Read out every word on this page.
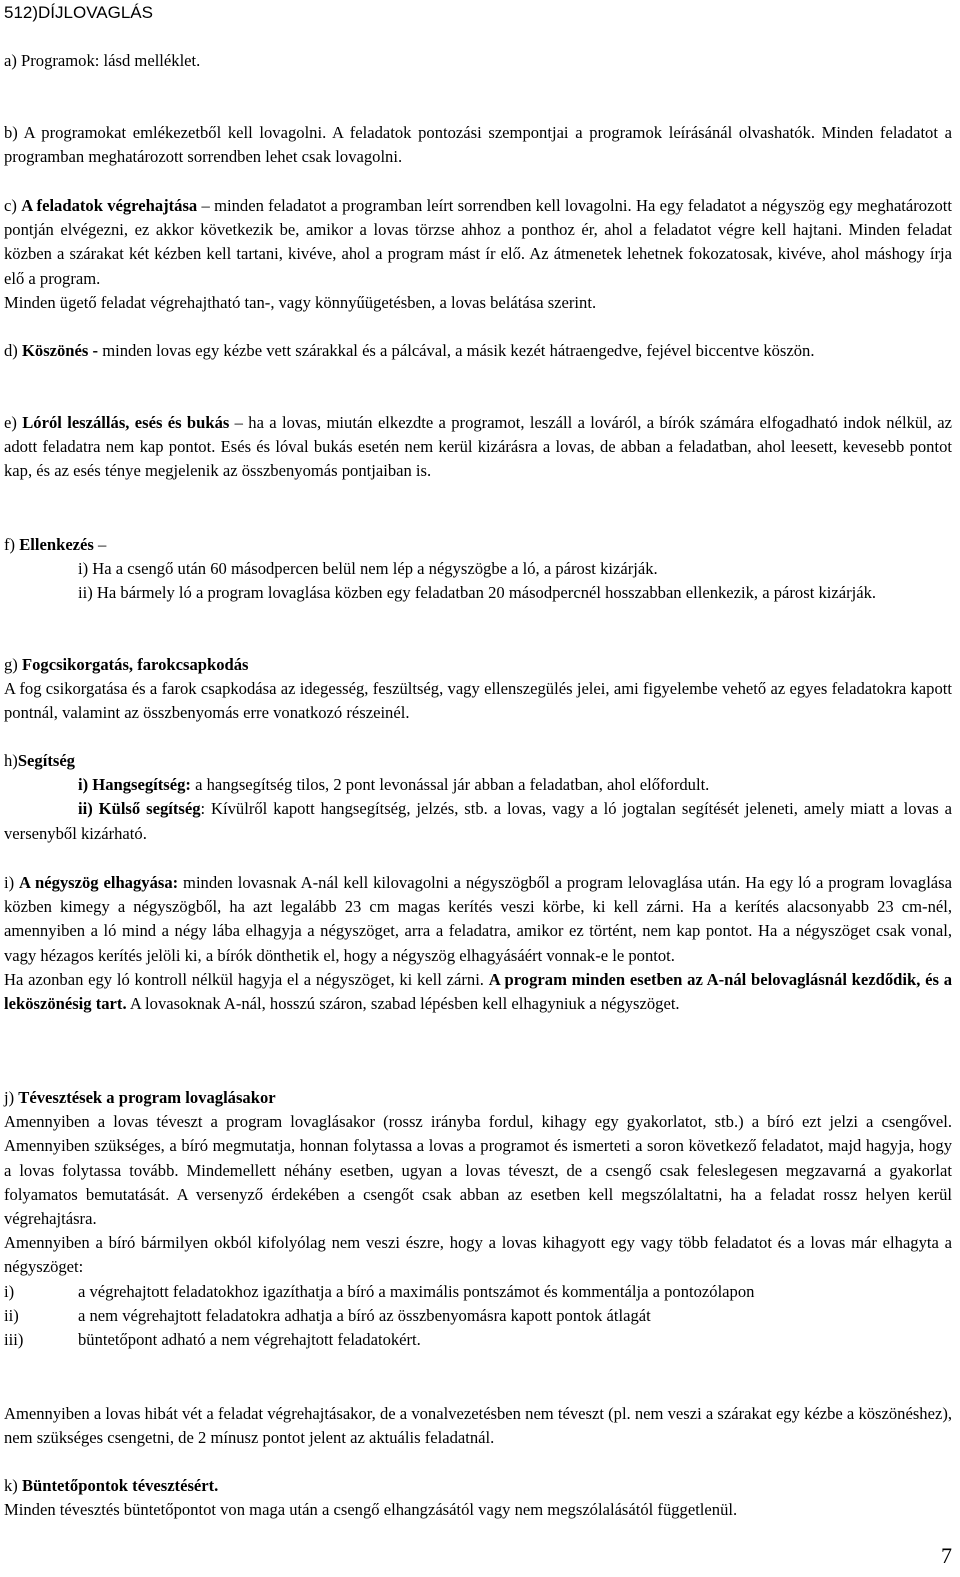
512)DÍJLOVAGLÁS

a) Programok: lásd melléklet.

b) A programokat emlékezetből kell lovagolni. A feladatok pontozási szempontjai a programok leírásánál olvashatók. Minden feladatot a programban meghatározott sorrendben lehet csak lovagolni.

c) A feladatok végrehajtása – minden feladatot a programban leírt sorrendben kell lovagolni. Ha egy feladatot a négyszög egy meghatározott pontján elvégezni, ez akkor következik be, amikor a lovas törzse ahhoz a ponthoz ér, ahol a feladatot végre kell hajtani. Minden feladat közben a szárakat két kézben kell tartani, kivéve, ahol a program mást ír elő. Az átmenetek lehetnek fokozatosak, kivéve, ahol máshogy írja elő a program.

Minden ügető feladat végrehajtható tan-, vagy könnyűügetésben, a lovas belátása szerint.

d) Köszönés - minden lovas egy kézbe vett szárakkal és a pálcával, a másik kezét hátraengedve, fejével biccentve köszön.

e) Lóról leszállás, esés és bukás – ha a lovas, miután elkezdte a programot, leszáll a lováról, a bírók számára elfogadható indok nélkül, az adott feladatra nem kap pontot. Esés és lóval bukás esetén nem kerül kizárásra a lovas, de abban a feladatban, ahol leesett, kevesebb pontot kap, és az esés ténye megjelenik az összbenyomás pontjaiban is.

f) Ellenkezés –

i) Ha a csengő után 60 másodpercen belül nem lép a négyszögbe a ló, a párost kizárják.

ii) Ha bármely ló a program lovaglása közben egy feladatban 20 másodpercnél hosszabban ellenkezik, a párost kizárják.

g) Fogcsikorgatás, farokcsapkodás

A fog csikorgatása és a farok csapkodása az idegesség, feszültség, vagy ellenszegülés jelei, ami figyelembe vehető az egyes feladatokra kapott pontnál, valamint az összbenyomás erre vonatkozó részeinél.

h)Segítség

i) Hangsegítség: a hangsegítség tilos, 2 pont levonással jár abban a feladatban, ahol előfordult.

ii) Külső segítség: Kívülről kapott hangsegítség, jelzés, stb. a lovas, vagy a ló jogtalan segítését jeleneti, amely miatt a lovas a versenyből kizárható.

i) A négyszög elhagyása: minden lovasnak A-nál kell kilovagolni a négyszögből a program lelovaglása után. Ha egy ló a program lovaglása közben kimegy a négyszögből, ha azt legalább 23 cm magas kerítés veszi körbe, ki kell zárni. Ha a kerítés alacsonyabb 23 cm-nél, amennyiben a ló mind a négy lába elhagyja a négyszöget, arra a feladatra, amikor ez történt, nem kap pontot. Ha a négyszöget csak vonal, vagy hézagos kerítés jelöli ki, a bírók dönthetik el, hogy a négyszög elhagyásáért vonnak-e le pontot.

Ha azonban egy ló kontroll nélkül hagyja el a négyszöget, ki kell zárni. A program minden esetben az A-nál belovaglásnál kezdődik, és a leköszönésig tart. A lovasoknak A-nál, hosszú száron, szabad lépésben kell elhagyniuk a négyszöget.

j) Tévesztések a program lovaglásakor

Amennyiben a lovas téveszt a program lovaglásakor (rossz irányba fordul, kihagy egy gyakorlatot, stb.) a bíró ezt jelzi a csengővel. Amennyiben szükséges, a bíró megmutatja, honnan folytassa a lovas a programot és ismerteti a soron következő feladatot, majd hagyja, hogy a lovas folytassa tovább. Mindemellett néhány esetben, ugyan a lovas téveszt, de a csengő csak feleslegesen megzavarná a gyakorlat folyamatos bemutatását. A versenyző érdekében a csengőt csak abban az esetben kell megszólaltatni, ha a feladat rossz helyen kerül végrehajtásra.

Amennyiben a bíró bármilyen okból kifolyólag nem veszi észre, hogy a lovas kihagyott egy vagy több feladatot és a lovas már elhagyta a négyszöget:

i)	a végrehajtott feladatokhoz igazíthatja a bíró a maximális pontszámot és kommentálja a pontozólapon
ii)	a nem végrehajtott feladatokra adhatja a bíró az összbenyomásra kapott pontok átlagát
iii)	büntetőpont adható a nem végrehajtott feladatokért.

Amennyiben a lovas hibát vét a feladat végrehajtásakor, de a vonalvezetésben nem téveszt (pl. nem veszi a szárakat egy kézbe a köszönéshez), nem szükséges csengetni, de 2 mínusz pontot jelent az aktuális feladatnál.

k) Büntetőpontok tévesztésért.

Minden tévesztés büntetőpontot von maga után a csengő elhangzásától vagy nem megszólalásától függetlenül.

7
